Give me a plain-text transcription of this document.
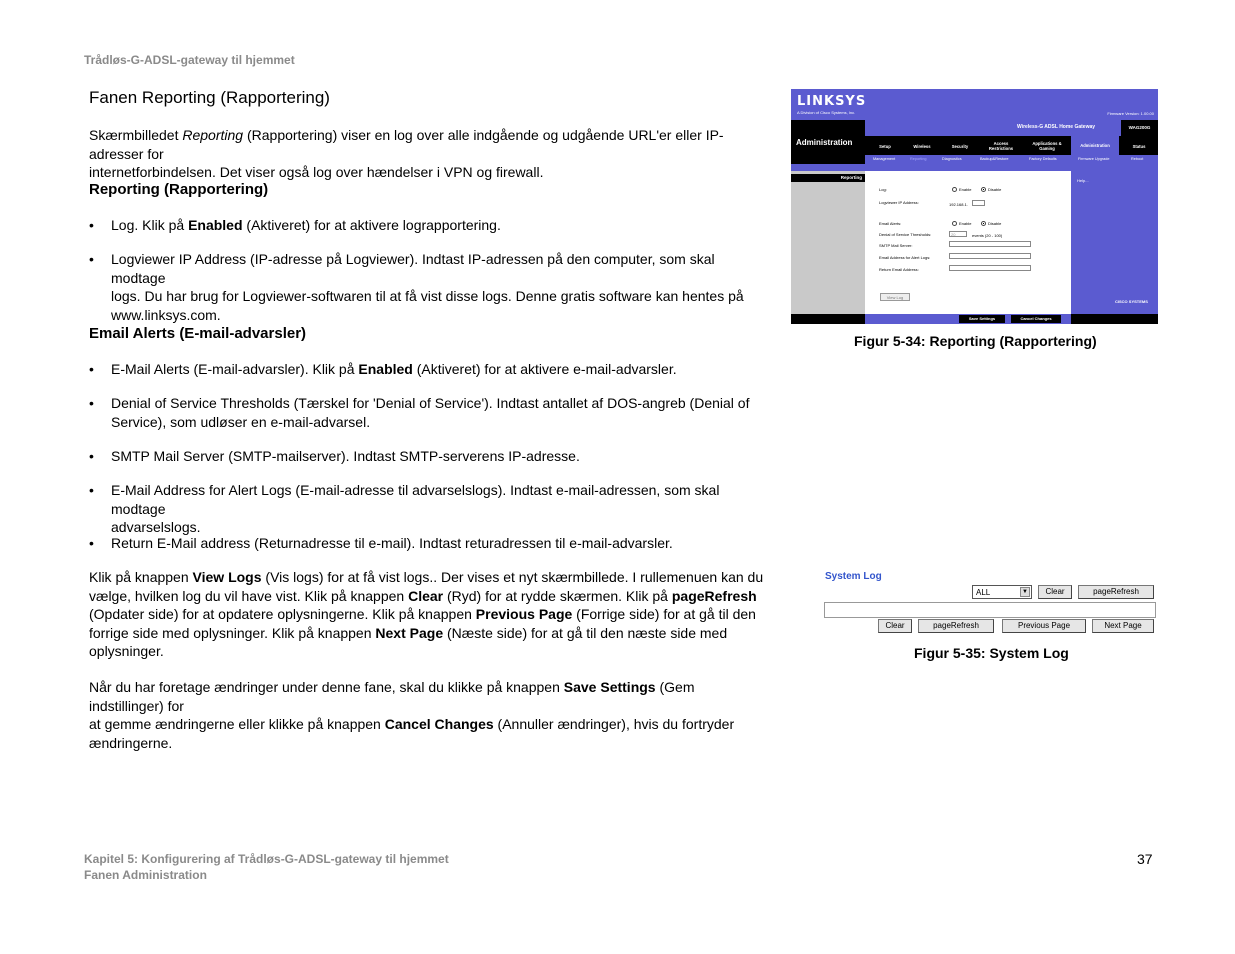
Trådløs-G-ADSL-gateway til hjemmet
Fanen Reporting (Rapportering)
Skærmbilledet Reporting (Rapportering) viser en log over alle indgående og udgående URL'er eller IP-adresser for
internetforbindelsen. Det viser også log over hændelser i VPN og firewall.
Reporting (Rapportering)
• Log. Klik på Enabled (Aktiveret) for at aktivere lograpportering.
• Logviewer IP Address (IP-adresse på Logviewer). Indtast IP-adressen på den computer, som skal modtage
logs. Du har brug for Logviewer-softwaren til at få vist disse logs. Denne gratis software kan hentes på
www.linksys.com.
Email Alerts (E-mail-advarsler)
• E-Mail Alerts (E-mail-advarsler). Klik på Enabled (Aktiveret) for at aktivere e-mail-advarsler.
• Denial of Service Thresholds (Tærskel for 'Denial of Service'). Indtast antallet af DOS-angreb (Denial of
Service), som udløser en e-mail-advarsel.
• SMTP Mail Server (SMTP-mailserver). Indtast SMTP-serverens IP-adresse.
• E-Mail Address for Alert Logs (E-mail-adresse til advarselslogs). Indtast e-mail-adressen, som skal modtage
advarselslogs.
• Return E-Mail address (Returnadresse til e-mail). Indtast returadressen til e-mail-advarsler.
Klik på knappen View Logs (Vis logs) for at få vist logs.. Der vises et nyt skærmbillede. I rullemenuen kan du
vælge, hvilken log du vil have vist. Klik på knappen Clear (Ryd) for at rydde skærmen. Klik på pageRefresh
(Opdater side) for at opdatere oplysningerne. Klik på knappen Previous Page (Forrige side) for at gå til den
forrige side med oplysninger. Klik på knappen Next Page (Næste side) for at gå til den næste side med
oplysninger.
Når du har foretage ændringer under denne fane, skal du klikke på knappen Save Settings (Gem indstillinger) for
at gemme ændringerne eller klikke på knappen Cancel Changes (Annuller ændringer), hvis du fortryder
ændringerne.
LINKSYS
A Division of Cisco Systems, Inc.	Firmware Version: 1.00.00
Administration
Wireless-G ADSL Home Gateway	WAG200G
Setup	Wireless	Security
Access Restrictions
Applications & Gaming
Administration	Status
Management	Reporting	Diagnostics	Backup&Restore	Factory Defaults	Firmware Upgrade	Reboot
Reporting
Log:	Enable	Disable
Logviewer IP Address:	192.168.1.
Email Alerts:	Enable	Disable
Denial of Service Thresholds:	20	events (20 - 100)
SMTP Mail Server:
Email Address for Alert Logs:
Return Email Address:
View Log
Help...
CISCO SYSTEMS
Save Settings	Cancel Changes
Figur 5-34: Reporting (Rapportering)
System Log
ALL	▼	Clear	pageRefresh
Clear	pageRefresh	Previous Page	Next Page
Figur 5-35: System Log
Kapitel 5: Konfigurering af Trådløs-G-ADSL-gateway til hjemmet
Fanen Administration
37
